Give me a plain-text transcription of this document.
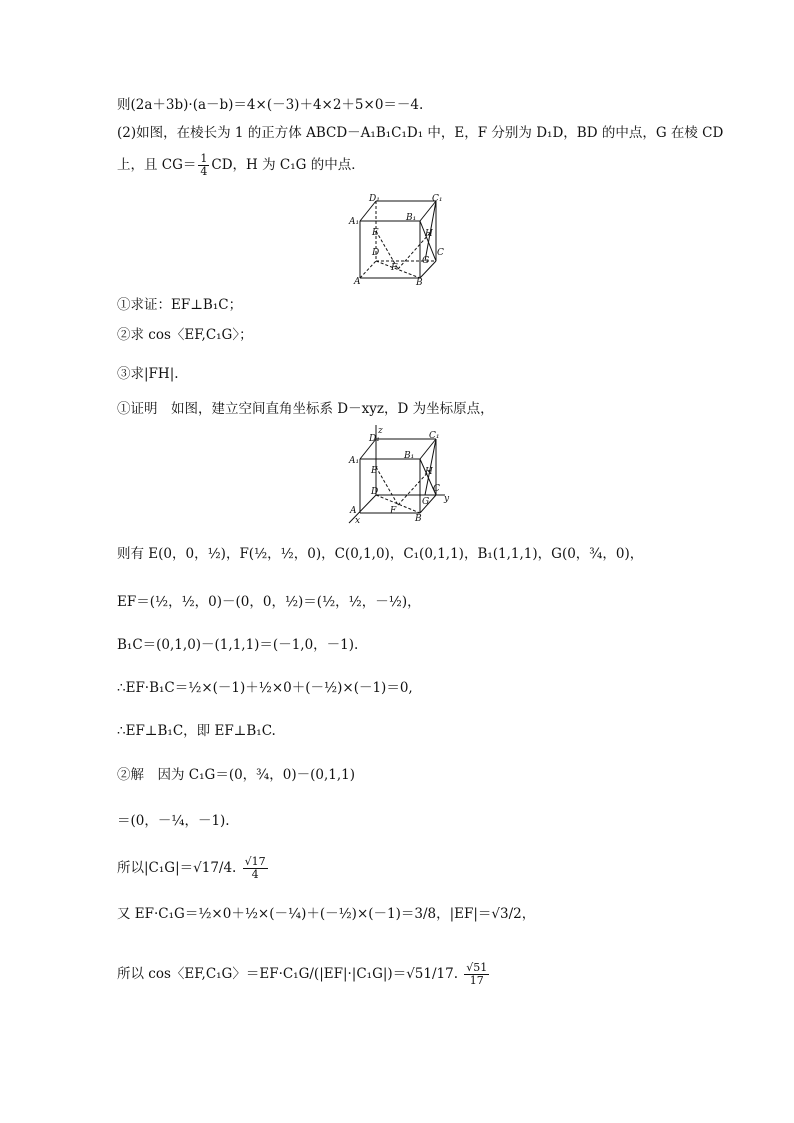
则(2a＋3b)·(a－b)＝4×(－3)＋4×2＋5×0＝－4.
(2)如图，在棱长为 1 的正方体 ABCD－A₁B₁C₁D₁ 中，E，F 分别为 D₁D，BD 的中点，G 在棱 CD
上，且 $CG= \frac{1}{4}$ CD，H 为 C₁G 的中点．
D₁	C₁
A₁	B₁
E	H
D	C
G
F
A	B
①求证：EF⊥B₁C；
②求 cos〈EF,C₁G〉；
③求|FH|.
①证明　如图，建立空间直角坐标系 D－xyz，D 为坐标原点，
D₁
z	C₁
A₁	B₁
E	H
D	C
y
G
F
A
B
x
则有 E(0，0，½)，F(½，½，0)，C(0,1,0)，C₁(0,1,1)，B₁(1,1,1)，G(0，¾，0)，
EF＝(½，½，0)－(0，0，½)＝(½，½，－½)，
B₁C＝(0,1,0)－(1,1,1)＝(－1,0，－1).
∴EF·B₁C＝½×(－1)＋½×0＋(－½)×(－1)＝0,
∴EF⊥B₁C，即 EF⊥B₁C.
②解　因为 C₁G＝(0，¾，0)－(0,1,1)
＝(0，－¼，－1).
所以|C₁G|＝√17/4. $\frac{√17}{4}$
又 EF·C₁G＝½×0＋½×(－¼)＋(－½)×(－1)＝3/8，|EF|＝√3/2，
所以 cos〈EF,C₁G〉＝EF·C₁G/(|EF|·|C₁G|)＝√51/17. $\frac{√51}{17}$
